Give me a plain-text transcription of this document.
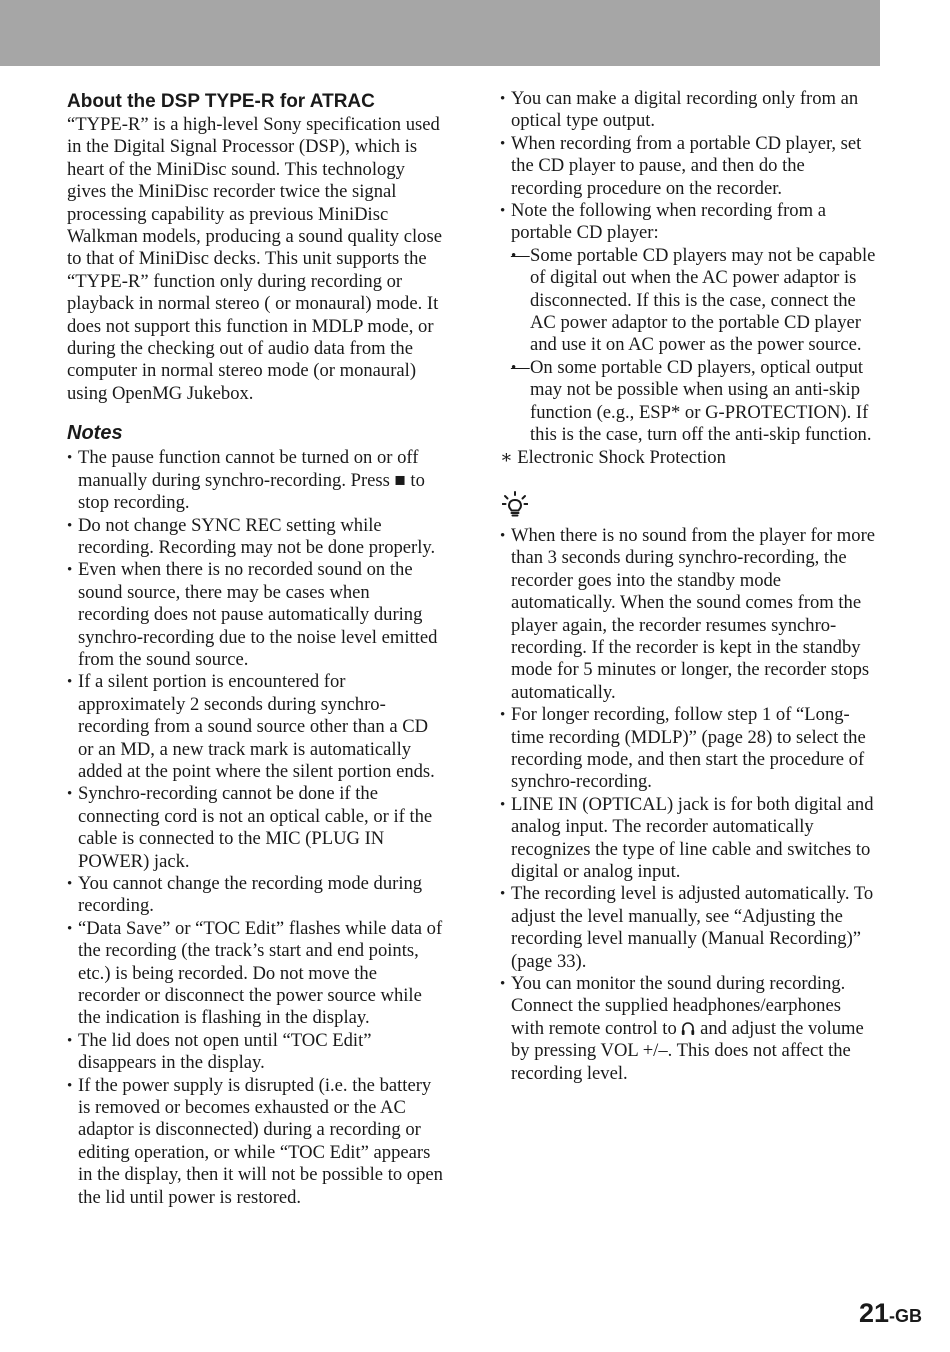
About the DSP TYPE-R for ATRAC

“TYPE-R” is a high-level Sony specification used in the Digital Signal Processor (DSP), which is heart of the MiniDisc sound. This technology gives the MiniDisc recorder twice the signal processing capability as previous MiniDisc Walkman models, producing a sound quality close to that of MiniDisc decks. This unit supports the “TYPE-R” function only during recording or playback in normal stereo ( or monaural) mode. It does not support this function in MDLP mode, or during the checking out of audio data from the computer in normal stereo mode (or monaural) using OpenMG Jukebox.

Notes
• The pause function cannot be turned on or off manually during synchro-recording. Press ■ to stop recording.
• Do not change SYNC REC setting while recording. Recording may not be done properly.
• Even when there is no recorded sound on the sound source, there may be cases when recording does not pause automatically during synchro-recording due to the noise level emitted from the sound source.
• If a silent portion is encountered for approximately 2 seconds during synchro-recording from a sound source other than a CD or an MD, a new track mark is automatically added at the point where the silent portion ends.
• Synchro-recording cannot be done if the connecting cord is not an optical cable, or if the cable is connected to the MIC (PLUG IN POWER) jack.
• You cannot change the recording mode during recording.
• “Data Save” or “TOC Edit” flashes while data of the recording (the track’s start and end points, etc.) is being recorded. Do not move the recorder or disconnect the power source while the indication is flashing in the display.
• The lid does not open until “TOC Edit” disappears in the display.
• If the power supply is disrupted (i.e. the battery is removed or becomes exhausted or the AC adaptor is disconnected) during a recording or editing operation, or while “TOC Edit” appears in the display, then it will not be possible to open the lid until power is restored.
• You can make a digital recording only from an optical type output.
• When recording from a portable CD player, set the CD player to pause, and then do the recording procedure on the recorder.
• Note the following when recording from a portable CD player:
• — Some portable CD players may not be capable of digital out when the AC power adaptor is disconnected. If this is the case, connect the AC power adaptor to the portable CD player and use it on AC power as the power source.
• — On some portable CD players, optical output may not be possible when using an anti-skip function (e.g., ESP* or G-PROTECTION). If this is the case, turn off the anti-skip function.

∗ Electronic Shock Protection

• When there is no sound from the player for more than 3 seconds during synchro-recording, the recorder goes into the standby mode automatically. When the sound comes from the player again, the recorder resumes synchro-recording. If the recorder is kept in the standby mode for 5 minutes or longer, the recorder stops automatically.
• For longer recording, follow step 1 of “Long-time recording (MDLP)” (page 28) to select the recording mode, and then start the procedure of synchro-recording.
• LINE IN (OPTICAL) jack is for both digital and analog input. The recorder automatically recognizes the type of line cable and switches to digital or analog input.
• The recording level is adjusted automatically. To adjust the level manually, see “Adjusting the recording level manually (Manual Recording)” (page 33).
• You can monitor the sound during recording. Connect the supplied headphones/earphones with remote control to  and adjust the volume by pressing VOL +/–. This does not affect the recording level.
21-GB
